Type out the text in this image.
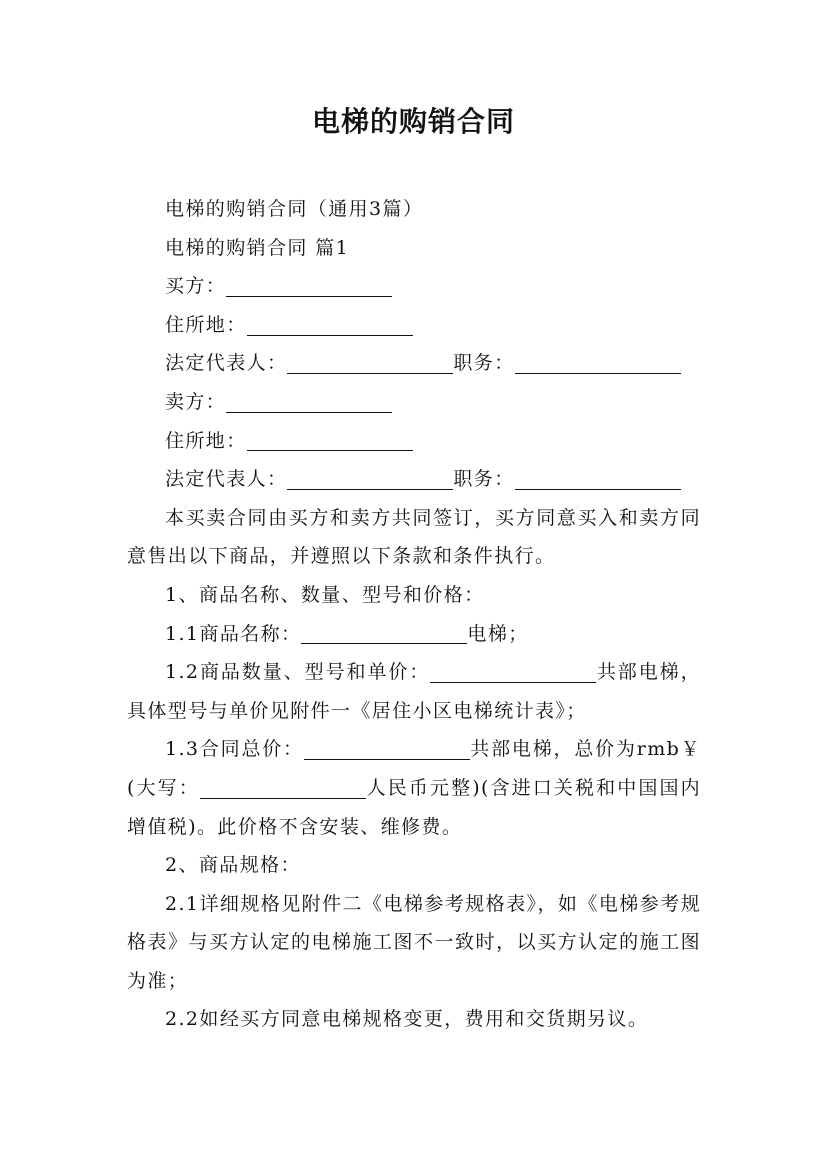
电梯的购销合同

电梯的购销合同（通用3篇）

电梯的购销合同 篇1

买方：

住所地：

法定代表人：	职务：

卖方：

住所地：

法定代表人：	职务：

本买卖合同由买方和卖方共同签订，买方同意买入和卖方同意售出以下商品，并遵照以下条款和条件执行。

1、商品名称、数量、型号和价格：

1.1商品名称：	电梯；

1.2商品数量、型号和单价：	共部电梯，具体型号与单价见附件一《居住小区电梯统计表》；

1.3合同总价：	共部电梯，总价为rmb￥(大写：	人民币元整)(含进口关税和中国国内增值税)。此价格不含安装、维修费。

2、商品规格：

2.1详细规格见附件二《电梯参考规格表》，如《电梯参考规格表》与买方认定的电梯施工图不一致时，以买方认定的施工图为准；

2.2如经买方同意电梯规格变更，费用和交货期另议。
